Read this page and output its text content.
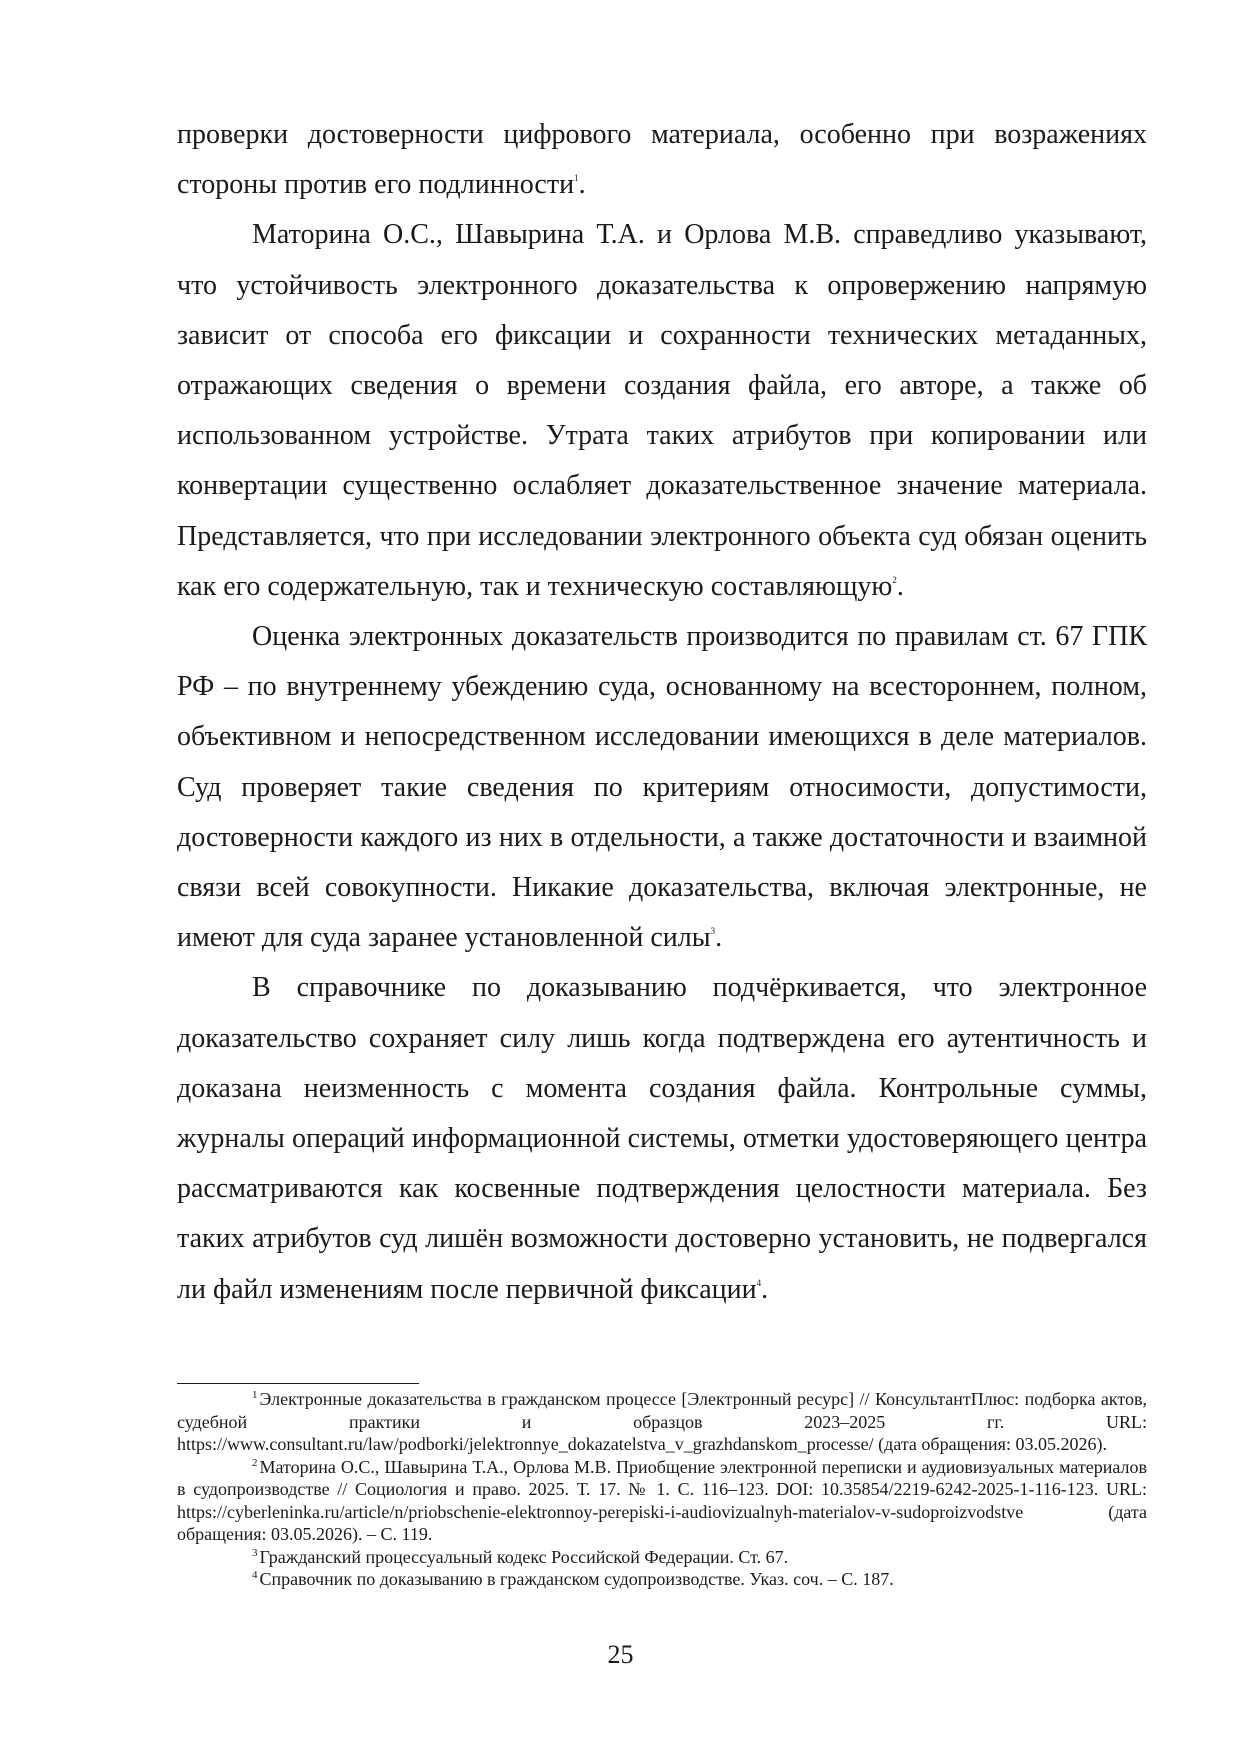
проверки достоверности цифрового материала, особенно при возражениях стороны против его подлинности$^1$.

Маторина О.С., Шавырина Т.А. и Орлова М.В. справедливо указывают, что устойчивость электронного доказательства к опровержению напрямую зависит от способа его фиксации и сохранности технических метаданных, отражающих сведения о времени создания файла, его авторе, а также об использованном устройстве. Утрата таких атрибутов при копировании или конвертации существенно ослабляет доказательственное значение материала. Представляется, что при исследовании электронного объекта суд обязан оценить как его содержательную, так и техническую составляющую$^2$.

Оценка электронных доказательств производится по правилам ст. 67 ГПК РФ – по внутреннему убеждению суда, основанному на всестороннем, полном, объективном и непосредственном исследовании имеющихся в деле материалов. Суд проверяет такие сведения по критериям относимости, допустимости, достоверности каждого из них в отдельности, а также достаточности и взаимной связи всей совокупности. Никакие доказательства, включая электронные, не имеют для суда заранее установленной силы$^3$.

В справочнике по доказыванию подчёркивается, что электронное доказательство сохраняет силу лишь когда подтверждена его аутентичность и доказана неизменность с момента создания файла. Контрольные суммы, журналы операций информационной системы, отметки удостоверяющего центра рассматриваются как косвенные подтверждения целостности материала. Без таких атрибутов суд лишён возможности достоверно установить, не подвергался ли файл изменениям после первичной фиксации$^4$.

$^1$ Электронные доказательства в гражданском процессе [Электронный ресурс] // КонсультантПлюс: подборка актов, судебной практики и образцов 2023–2025 гг. URL: https://www.consultant.ru/law/podborki/jelektronnye_dokazatelstva_v_grazhdanskom_processe/ (дата обращения: 03.05.2026).

$^2$ Маторина О.С., Шавырина Т.А., Орлова М.В. Приобщение электронной переписки и аудиовизуальных материалов в судопроизводстве // Социология и право. 2025. Т. 17. № 1. С. 116–123. DOI: 10.35854/2219-6242-2025-1-116-123. URL: https://cyberleninka.ru/article/n/priobschenie-elektronnoy-perepiski-i-audiovizualnyh-materialov-v-sudoproizvodstve (дата обращения: 03.05.2026). – С. 119.

$^3$ Гражданский процессуальный кодекс Российской Федерации. Ст. 67.

$^4$ Справочник по доказыванию в гражданском судопроизводстве. Указ. соч. – С. 187.

25
